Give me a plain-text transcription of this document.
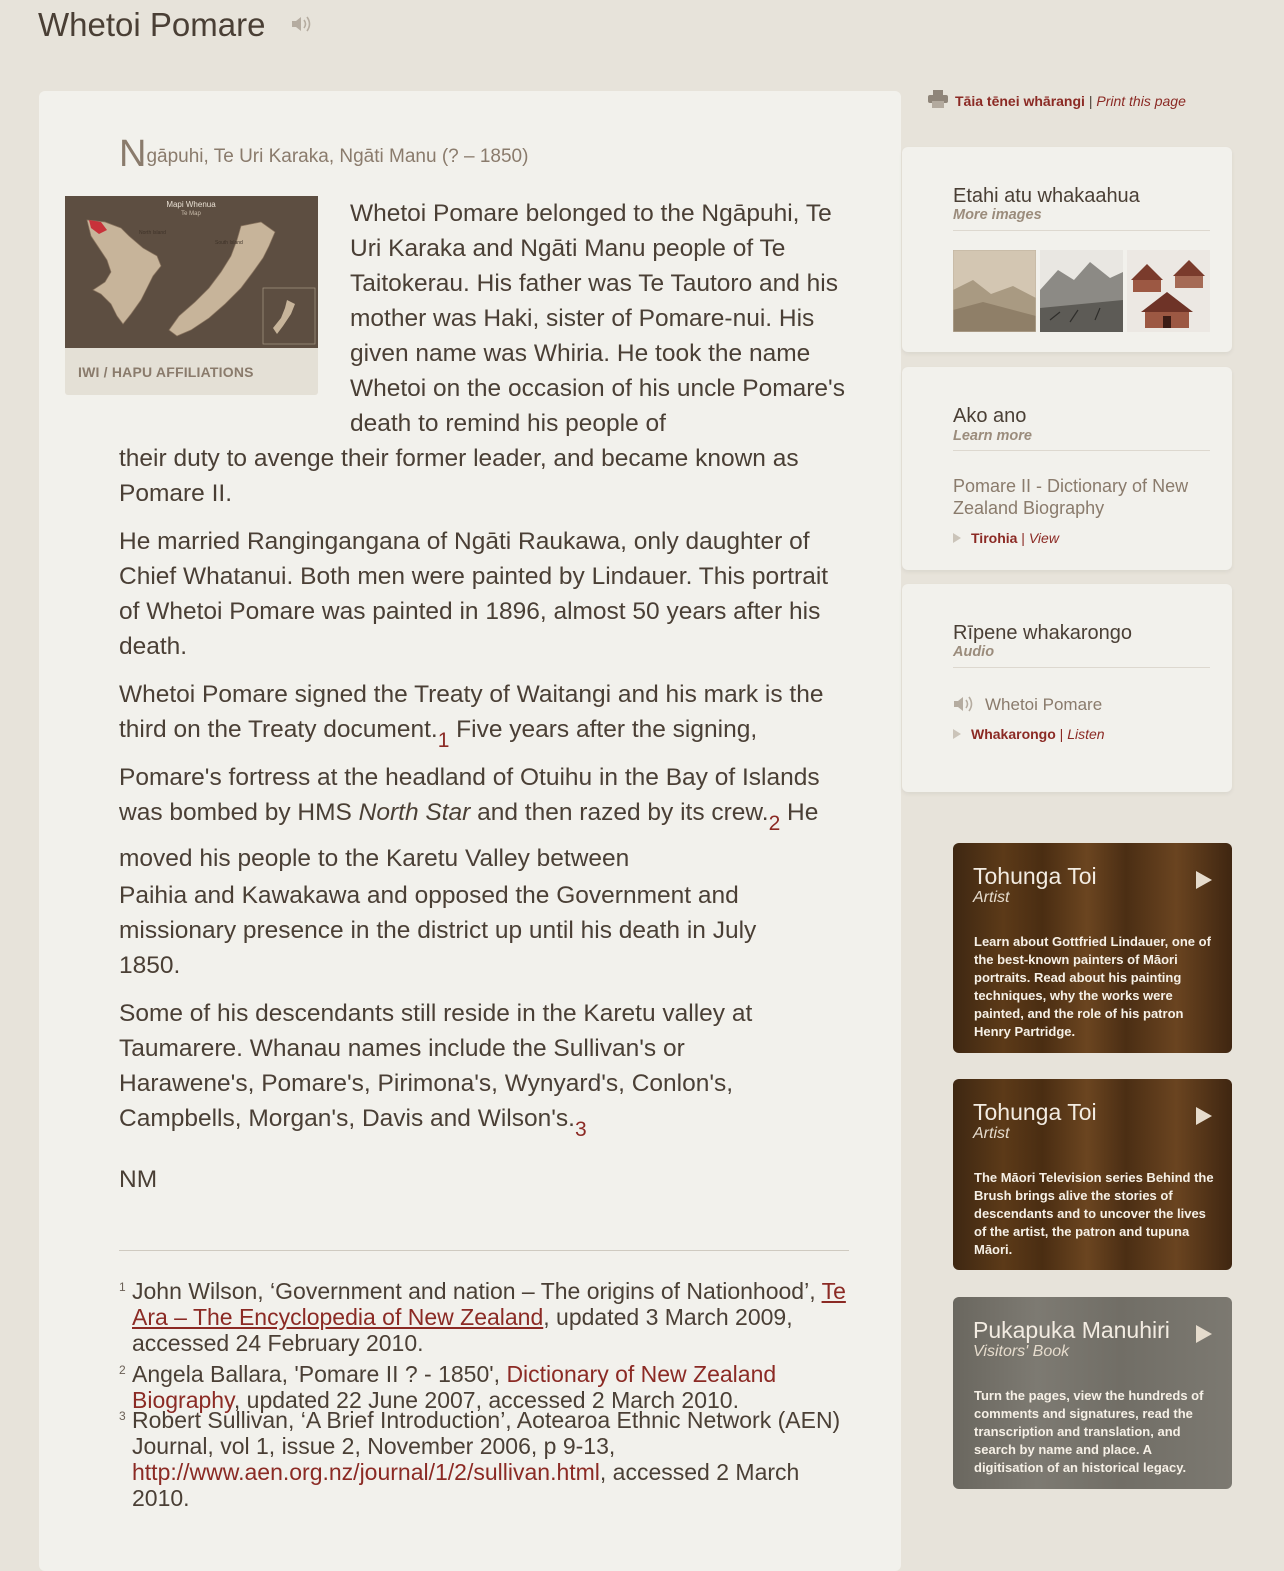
Whetoi Pomare
Ngāpuhi, Te Uri Karaka, Ngāti Manu (? – 1850)
Mapi Whenua
Te Map
North Island
South Island
IWI / HAPU AFFILIATIONS
Whetoi Pomare belonged to the Ngāpuhi, Te Uri Karaka and Ngāti Manu people of Te Taitokerau. His father was Te Tautoro and his mother was Haki, sister of Pomare-nui. His given name was Whiria. He took the name Whetoi on the occasion of his uncle Pomare's death to remind his people of
their duty to avenge their former leader, and became known as Pomare II.
He married Rangingangana of Ngāti Raukawa, only daughter of Chief Whatanui. Both men were painted by Lindauer. This portrait of Whetoi Pomare was painted in 1896, almost 50 years after his death.
Whetoi Pomare signed the Treaty of Waitangi and his mark is the third on the Treaty document.1 Five years after the signing,
Pomare's fortress at the headland of Otuihu in the Bay of Islands was bombed by HMS North Star and then razed by its crew.2 He moved his people to the Karetu Valley between
Paihia and Kawakawa and opposed the Government and missionary presence in the district up until his death in July 1850.
Some of his descendants still reside in the Karetu valley at Taumarere. Whanau names include the Sullivan's or Harawene's, Pomare's, Pirimona's, Wynyard's, Conlon's, Campbells, Morgan's, Davis and Wilson's.3
NM
1 John Wilson, ‘Government and nation – The origins of Nationhood’, Te Ara – The Encyclopedia of New Zealand, updated 3 March 2009, accessed 24 February 2010.
2 Angela Ballara, 'Pomare II ? - 1850', Dictionary of New Zealand Biography, updated 22 June 2007, accessed 2 March 2010.
3 Robert Sullivan, ‘A Brief Introduction’, Aotearoa Ethnic Network (AEN) Journal, vol 1, issue 2, November 2006, p 9-13, http://www.aen.org.nz/journal/1/2/sullivan.html, accessed 2 March 2010.
Tāia tēnei whārangi | Print this page
Etahi atu whakaahua
More images
Ako ano
Learn more
Pomare II - Dictionary of New Zealand Biography
Tirohia | View
Rīpene whakarongo
Audio
Whetoi Pomare
Whakarongo | Listen
Tohunga Toi
Artist
Learn about Gottfried Lindauer, one of the best-known painters of Māori portraits. Read about his painting techniques, why the works were painted, and the role of his patron Henry Partridge.
Tohunga Toi
Artist
The Māori Television series Behind the Brush brings alive the stories of descendants and to uncover the lives of the artist, the patron and tupuna Māori.
Pukapuka Manuhiri
Visitors' Book
Turn the pages, view the hundreds of comments and signatures, read the transcription and translation, and search by name and place. A digitisation of an historical legacy.
